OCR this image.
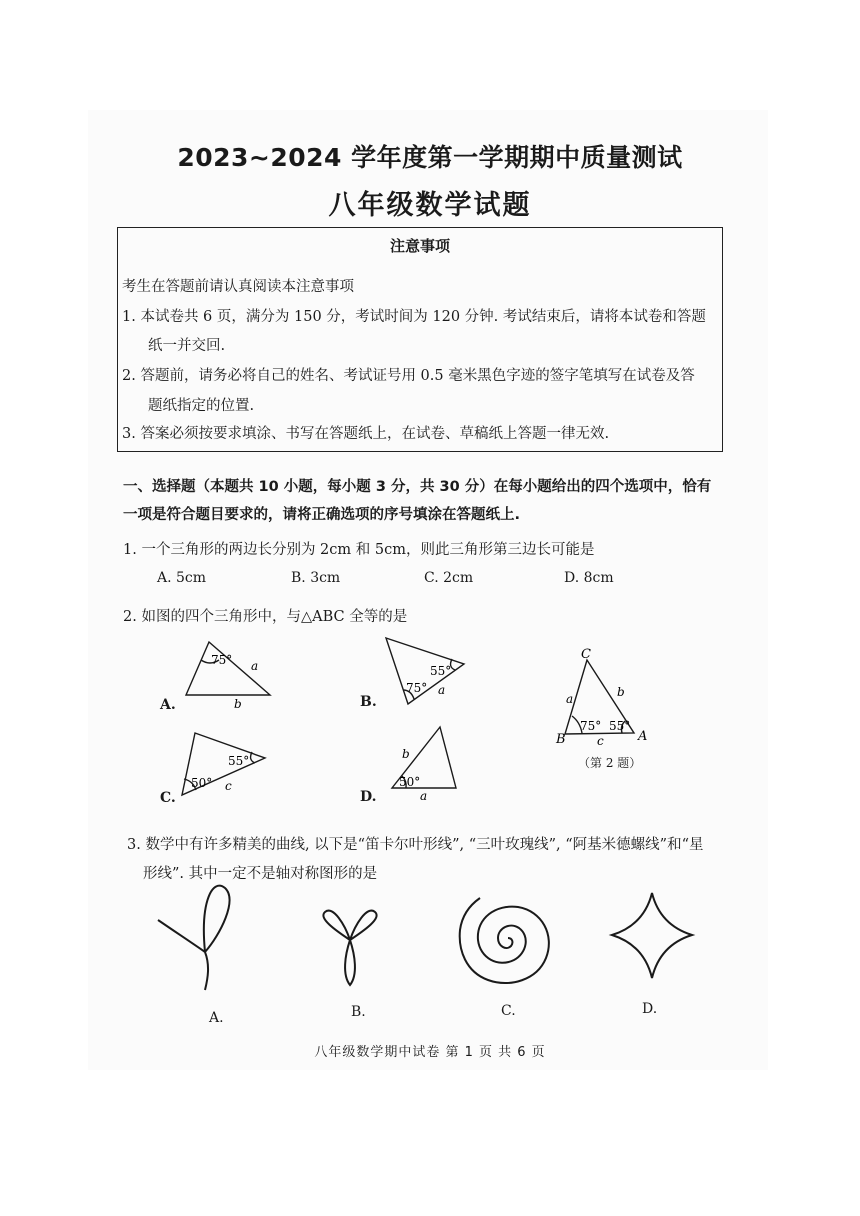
2023~2024 学年度第一学期期中质量测试
八年级数学试题
注意事项
考生在答题前请认真阅读本注意事项
1. 本试卷共 6 页，满分为 150 分，考试时间为 120 分钟. 考试结束后，请将本试卷和答题
纸一并交回.
2. 答题前，请务必将自己的姓名、考试证号用 0.5 毫米黑色字迹的签字笔填写在试卷及答
题纸指定的位置.
3. 答案必须按要求填涂、书写在答题纸上，在试卷、草稿纸上答题一律无效.
一、选择题（本题共 10 小题，每小题 3 分，共 30 分）在每小题给出的四个选项中，恰有
一项是符合题目要求的，请将正确选项的序号填涂在答题纸上.
1. 一个三角形的两边长分别为 2cm 和 5cm，则此三角形第三边长可能是
A. 5cm	B. 3cm	C. 2cm	D. 8cm
2. 如图的四个三角形中，与△ABC 全等的是
75° a
b
55°
75° a
C
B	A
a	b
c
75° 55°
55°
50° c	50°
b
a
A.	B.
C.	D.
（第 2 题）
3. 数学中有许多精美的曲线, 以下是“笛卡尔叶形线”, “三叶玫瑰线”, “阿基米德螺线”和“星
形线”. 其中一定不是轴对称图形的是
A.	B.	C.	D.
八年级数学期中试卷 第 1 页 共 6 页
